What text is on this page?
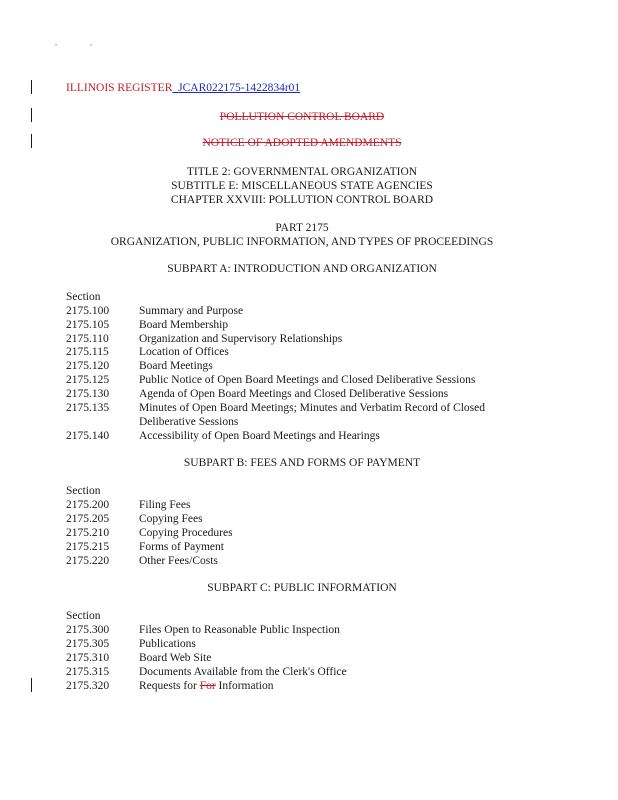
•	•
ILLINOIS REGISTER JCAR022175-1422834r01
POLLUTION CONTROL BOARD
NOTICE OF ADOPTED AMENDMENTS
TITLE 2: GOVERNMENTAL ORGANIZATION
SUBTITLE E: MISCELLANEOUS STATE AGENCIES
CHAPTER XXVIII: POLLUTION CONTROL BOARD
PART 2175
ORGANIZATION, PUBLIC INFORMATION, AND TYPES OF PROCEEDINGS
SUBPART A: INTRODUCTION AND ORGANIZATION
Section
2175.100	Summary and Purpose
2175.105	Board Membership
2175.110	Organization and Supervisory Relationships
2175.115	Location of Offices
2175.120	Board Meetings
2175.125	Public Notice of Open Board Meetings and Closed Deliberative Sessions
2175.130	Agenda of Open Board Meetings and Closed Deliberative Sessions
2175.135	Minutes of Open Board Meetings; Minutes and Verbatim Record of Closed Deliberative Sessions
2175.140	Accessibility of Open Board Meetings and Hearings
SUBPART B: FEES AND FORMS OF PAYMENT
Section
2175.200	Filing Fees
2175.205	Copying Fees
2175.210	Copying Procedures
2175.215	Forms of Payment
2175.220	Other Fees/Costs
SUBPART C: PUBLIC INFORMATION
Section
2175.300	Files Open to Reasonable Public Inspection
2175.305	Publications
2175.310	Board Web Site
2175.315	Documents Available from the Clerk's Office
2175.320	Requests for For Information
